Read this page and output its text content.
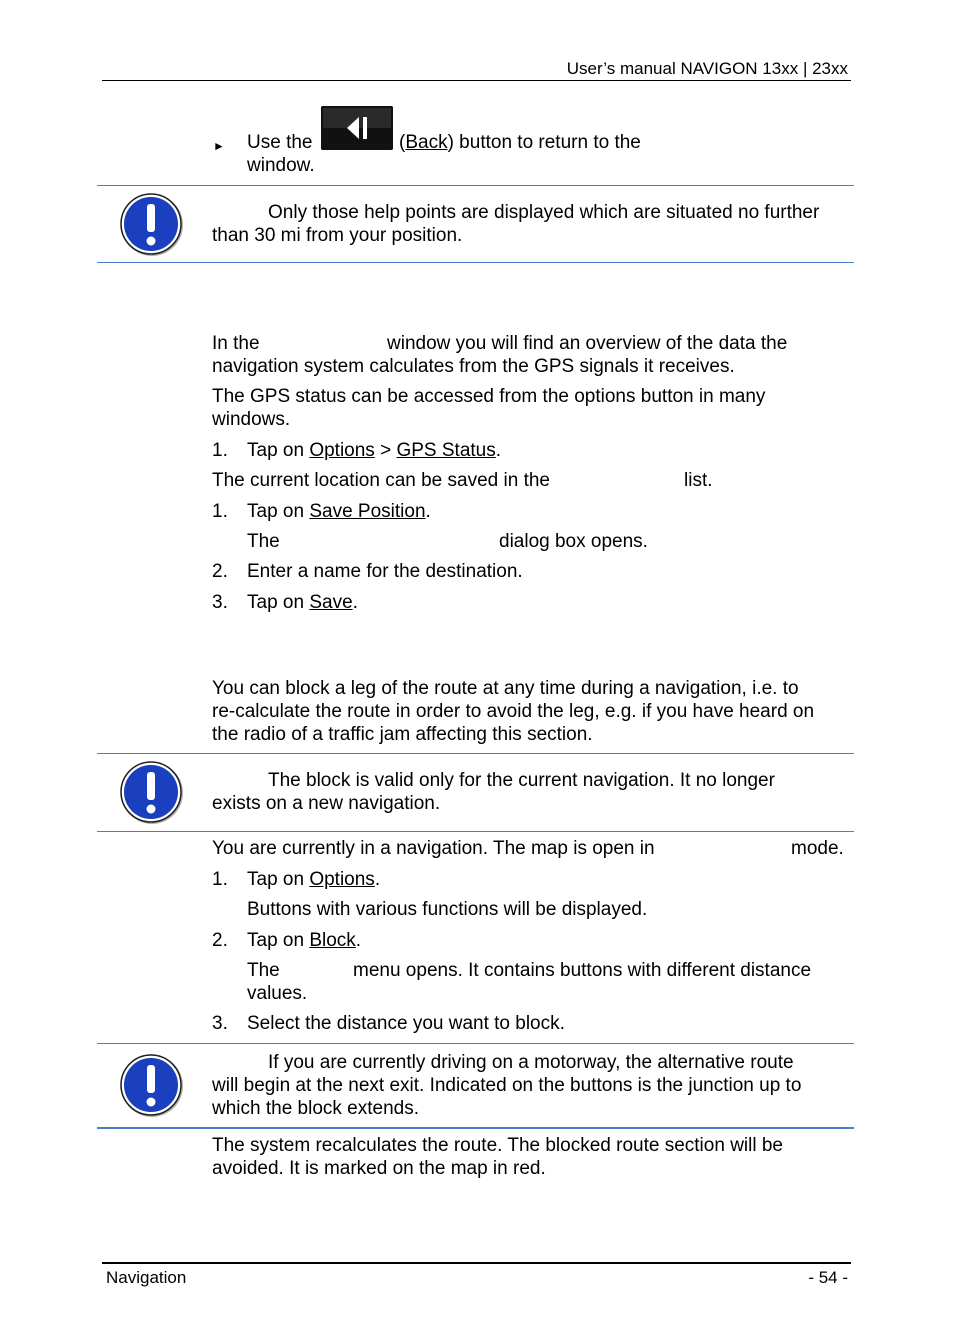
User’s manual NAVIGON 13xx | 23xx
► Use the	(Back) button to return to the
window.
Only those help points are displayed which are situated no further
than 30 mi from your position.
In the	window you will find an overview of the data the
navigation system calculates from the GPS signals it receives.
The GPS status can be accessed from the options button in many
windows.
1. Tap on Options > GPS Status.
The current location can be saved in the	list.
1. Tap on Save Position.
The	dialog box opens.
2. Enter a name for the destination.
3. Tap on Save.
You can block a leg of the route at any time during a navigation, i.e. to
re-calculate the route in order to avoid the leg, e.g. if you have heard on
the radio of a traffic jam affecting this section.
The block is valid only for the current navigation. It no longer
exists on a new navigation.
You are currently in a navigation. The map is open in	mode.
1. Tap on Options.
Buttons with various functions will be displayed.
2. Tap on Block.
The	menu opens. It contains buttons with different distance
values.
3. Select the distance you want to block.
If you are currently driving on a motorway, the alternative route
will begin at the next exit. Indicated on the buttons is the junction up to
which the block extends.
The system recalculates the route. The blocked route section will be
avoided. It is marked on the map in red.
Navigation	- 54 -
